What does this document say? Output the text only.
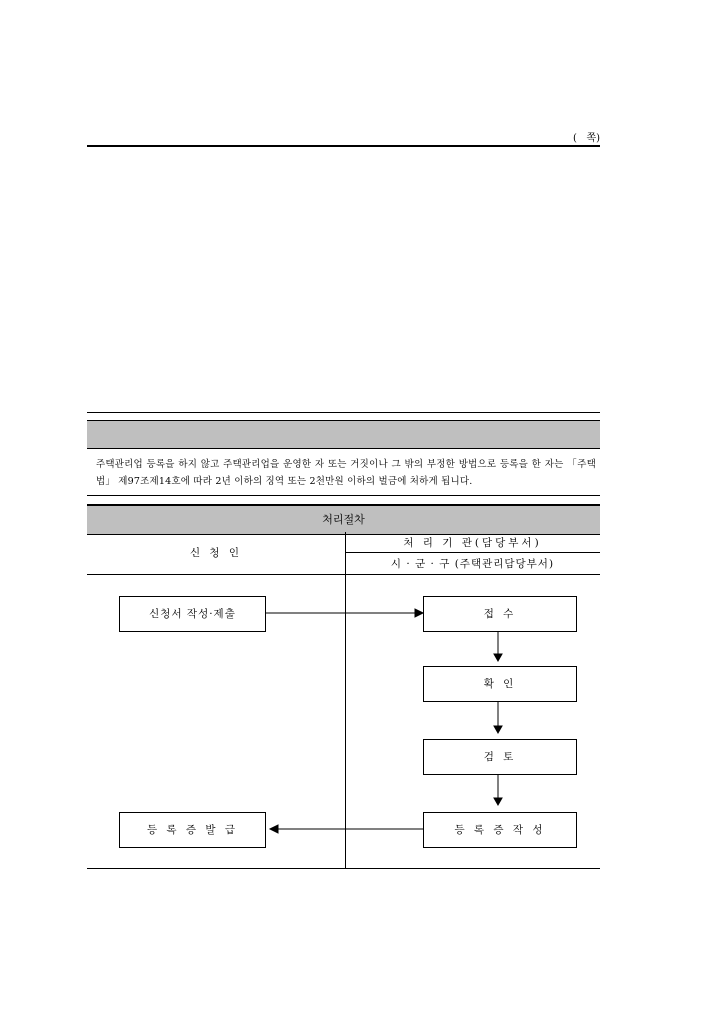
(   쪽)
주택관리업 등록을 하지 않고 주택관리업을 운영한 자 또는 거짓이나 그 밖의 부정한 방법으로 등록을 한 자는 「주택법」 제97조제14호에 따라 2년 이하의 징역 또는 2천만원 이하의 벌금에 처하게 됩니다.
처리절차
신 청 인
처 리 기 관(담당부서)
시 · 군 · 구 (주택관리담당부서)
신청서 작성·제출	접 수
확 인
검 토
등 록 증 작 성
등 록 증 발 급
